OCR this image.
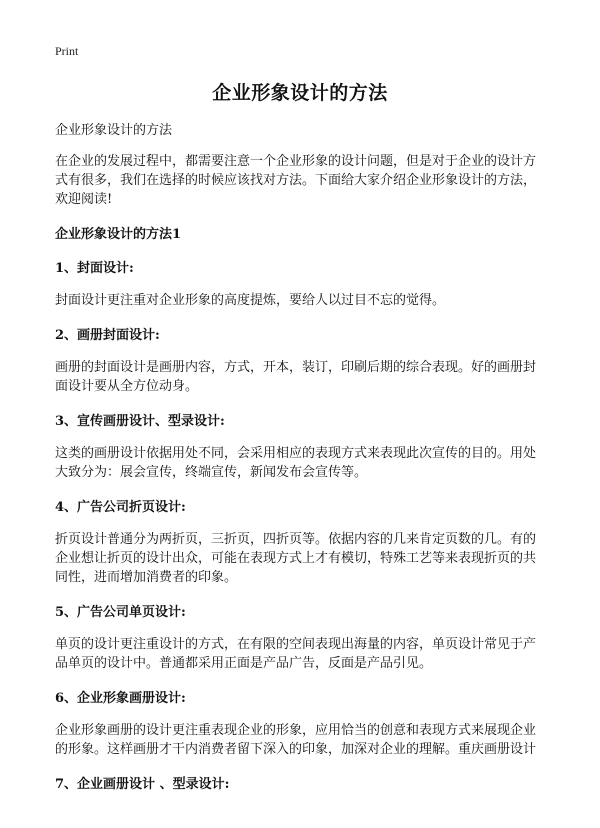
Print
企业形象设计的方法
企业形象设计的方法

在企业的发展过程中，都需要注意一个企业形象的设计问题，但是对于企业的设计方式有很多，我们在选择的时候应该找对方法。下面给大家介绍企业形象设计的方法，欢迎阅读!

企业形象设计的方法1
1、封面设计:

封面设计更注重对企业形象的高度提炼，要给人以过目不忘的觉得。

2、画册封面设计:

画册的封面设计是画册内容，方式，开本，装订，印刷后期的综合表现。好的画册封面设计要从全方位动身。

3、宣传画册设计、型录设计:

这类的画册设计依据用处不同，会采用相应的表现方式来表现此次宣传的目的。用处大致分为：展会宣传，终端宣传，新闻发布会宣传等。

4、广告公司折页设计:

折页设计普通分为两折页，三折页，四折页等。依据内容的几来肯定页数的几。有的企业想让折页的设计出众，可能在表现方式上才有模切，特殊工艺等来表现折页的共同性，进而增加消费者的印象。

5、广告公司单页设计:

单页的设计更注重设计的方式，在有限的空间表现出海量的内容，单页设计常见于产品单页的设计中。普通都采用正面是产品广告，反面是产品引见。

6、企业形象画册设计:

企业形象画册的设计更注重表现企业的形象，应用恰当的创意和表现方式来展现企业的形象。这样画册才干内消费者留下深入的印象，加深对企业的理解。重庆画册设计

7、企业画册设计 、型录设计:
